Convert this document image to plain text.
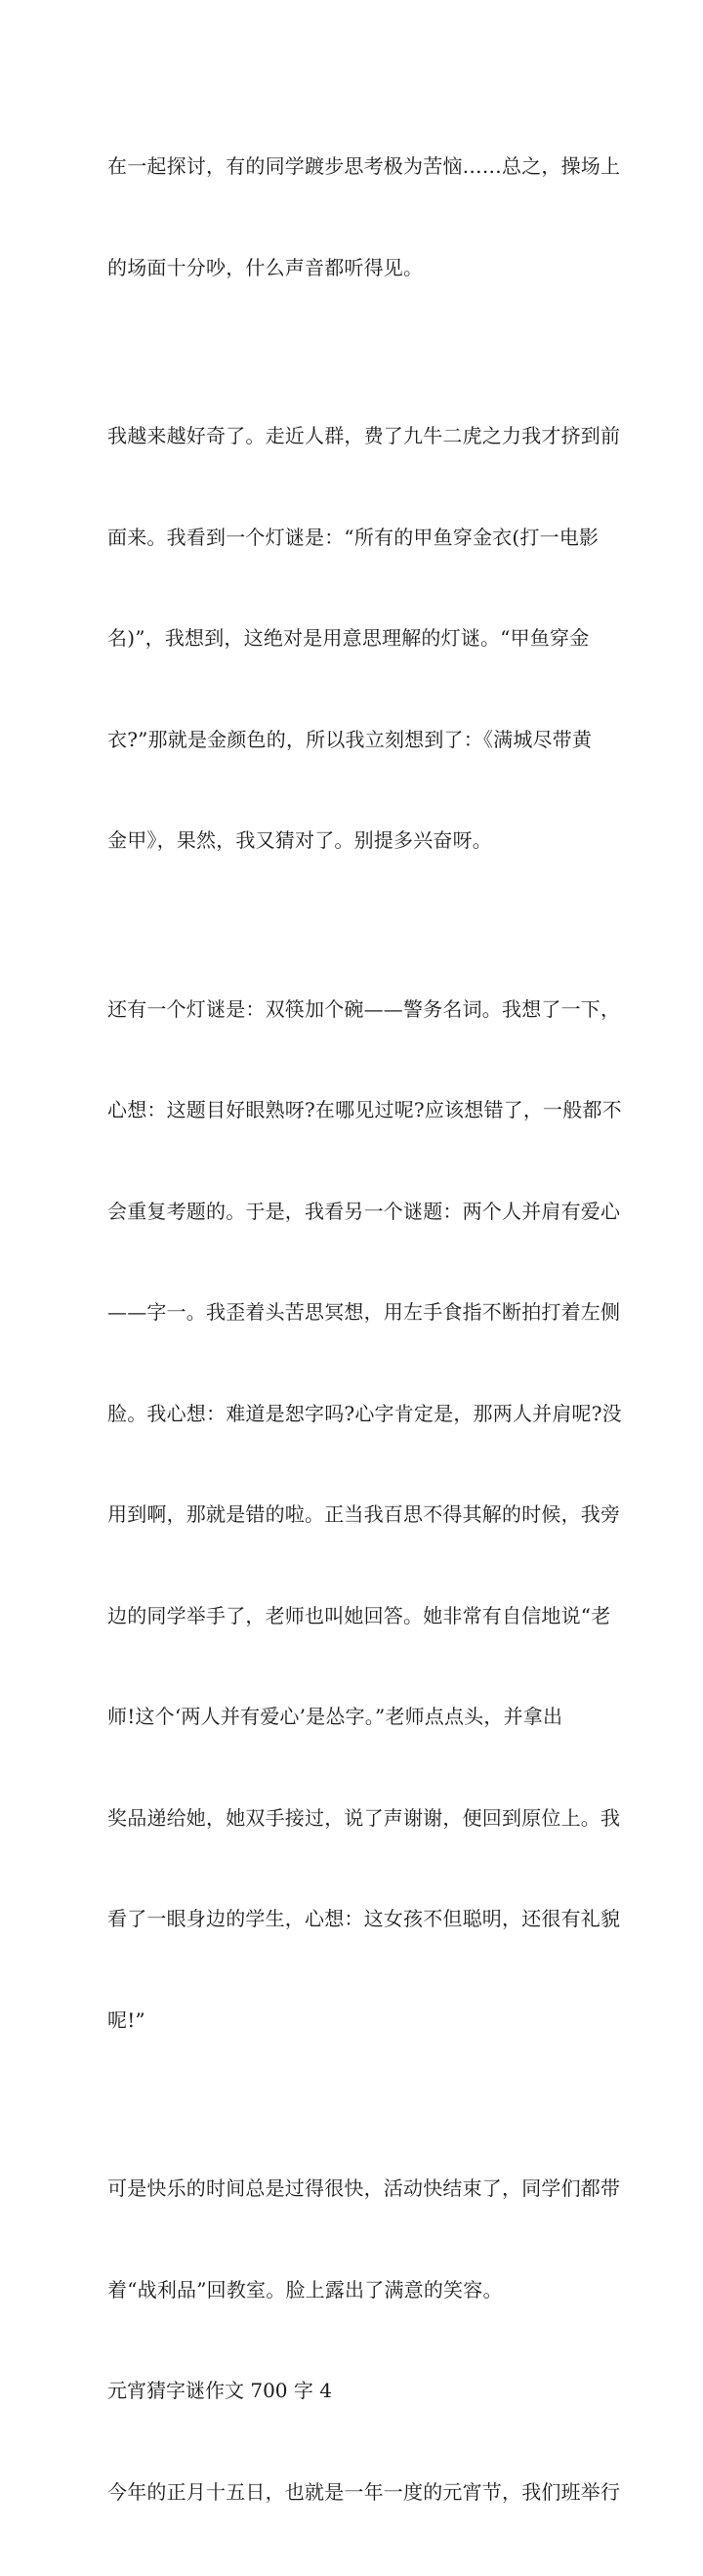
在一起探讨，有的同学踱步思考极为苦恼……总之，操场上

的场面十分吵，什么声音都听得见。

我越来越好奇了。走近人群，费了九牛二虎之力我才挤到前

面来。我看到一个灯谜是：“所有的甲鱼穿金衣(打一电影

名)”，我想到，这绝对是用意思理解的灯谜。“甲鱼穿金

衣?”那就是金颜色的，所以我立刻想到了：《满城尽带黄

金甲》，果然，我又猜对了。别提多兴奋呀。

还有一个灯谜是：双筷加个碗——警务名词。我想了一下，

心想：这题目好眼熟呀?在哪见过呢?应该想错了，一般都不

会重复考题的。于是，我看另一个谜题：两个人并肩有爱心

——字一。我歪着头苦思冥想，用左手食指不断拍打着左侧

脸。我心想：难道是恕字吗?心字肯定是，那两人并肩呢?没

用到啊，那就是错的啦。正当我百思不得其解的时候，我旁

边的同学举手了，老师也叫她回答。她非常有自信地说“老

师!这个‘两人并有爱心’是怂字。”老师点点头，并拿出

奖品递给她，她双手接过，说了声谢谢，便回到原位上。我

看了一眼身边的学生，心想：这女孩不但聪明，还很有礼貌

呢!”

可是快乐的时间总是过得很快，活动快结束了，同学们都带

着“战利品”回教室。脸上露出了满意的笑容。

元宵猜字谜作文 700 字 4

今年的正月十五日，也就是一年一度的元宵节，我们班举行
